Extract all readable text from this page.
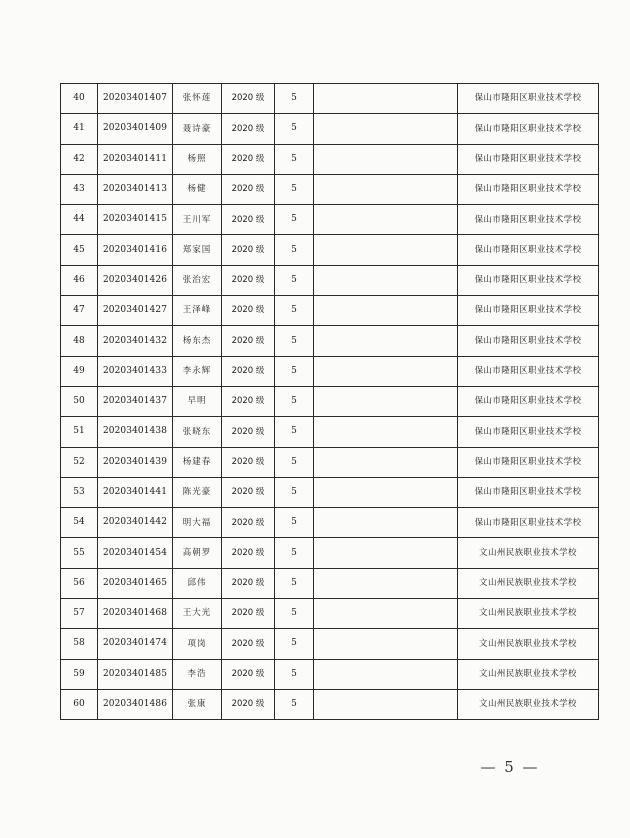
40	20203401407	张怀莲	2020 级	5		保山市隆阳区职业技术学校
41	20203401409	聂诗豪	2020 级	5		保山市隆阳区职业技术学校
42	20203401411	杨照	2020 级	5		保山市隆阳区职业技术学校
43	20203401413	杨健	2020 级	5		保山市隆阳区职业技术学校
44	20203401415	王川军	2020 级	5		保山市隆阳区职业技术学校
45	20203401416	郑家国	2020 级	5		保山市隆阳区职业技术学校
46	20203401426	张治宏	2020 级	5		保山市隆阳区职业技术学校
47	20203401427	王泽峰	2020 级	5		保山市隆阳区职业技术学校
48	20203401432	杨东杰	2020 级	5		保山市隆阳区职业技术学校
49	20203401433	李永辉	2020 级	5		保山市隆阳区职业技术学校
50	20203401437	早明	2020 级	5		保山市隆阳区职业技术学校
51	20203401438	张晓东	2020 级	5		保山市隆阳区职业技术学校
52	20203401439	杨建春	2020 级	5		保山市隆阳区职业技术学校
53	20203401441	陈光豪	2020 级	5		保山市隆阳区职业技术学校
54	20203401442	明大福	2020 级	5		保山市隆阳区职业技术学校
55	20203401454	高朝罗	2020 级	5		文山州民族职业技术学校
56	20203401465	邱伟	2020 级	5		文山州民族职业技术学校
57	20203401468	王大光	2020 级	5		文山州民族职业技术学校
58	20203401474	项岗	2020 级	5		文山州民族职业技术学校
59	20203401485	李浩	2020 级	5		文山州民族职业技术学校
60	20203401486	张康	2020 级	5		文山州民族职业技术学校
— 5 —
